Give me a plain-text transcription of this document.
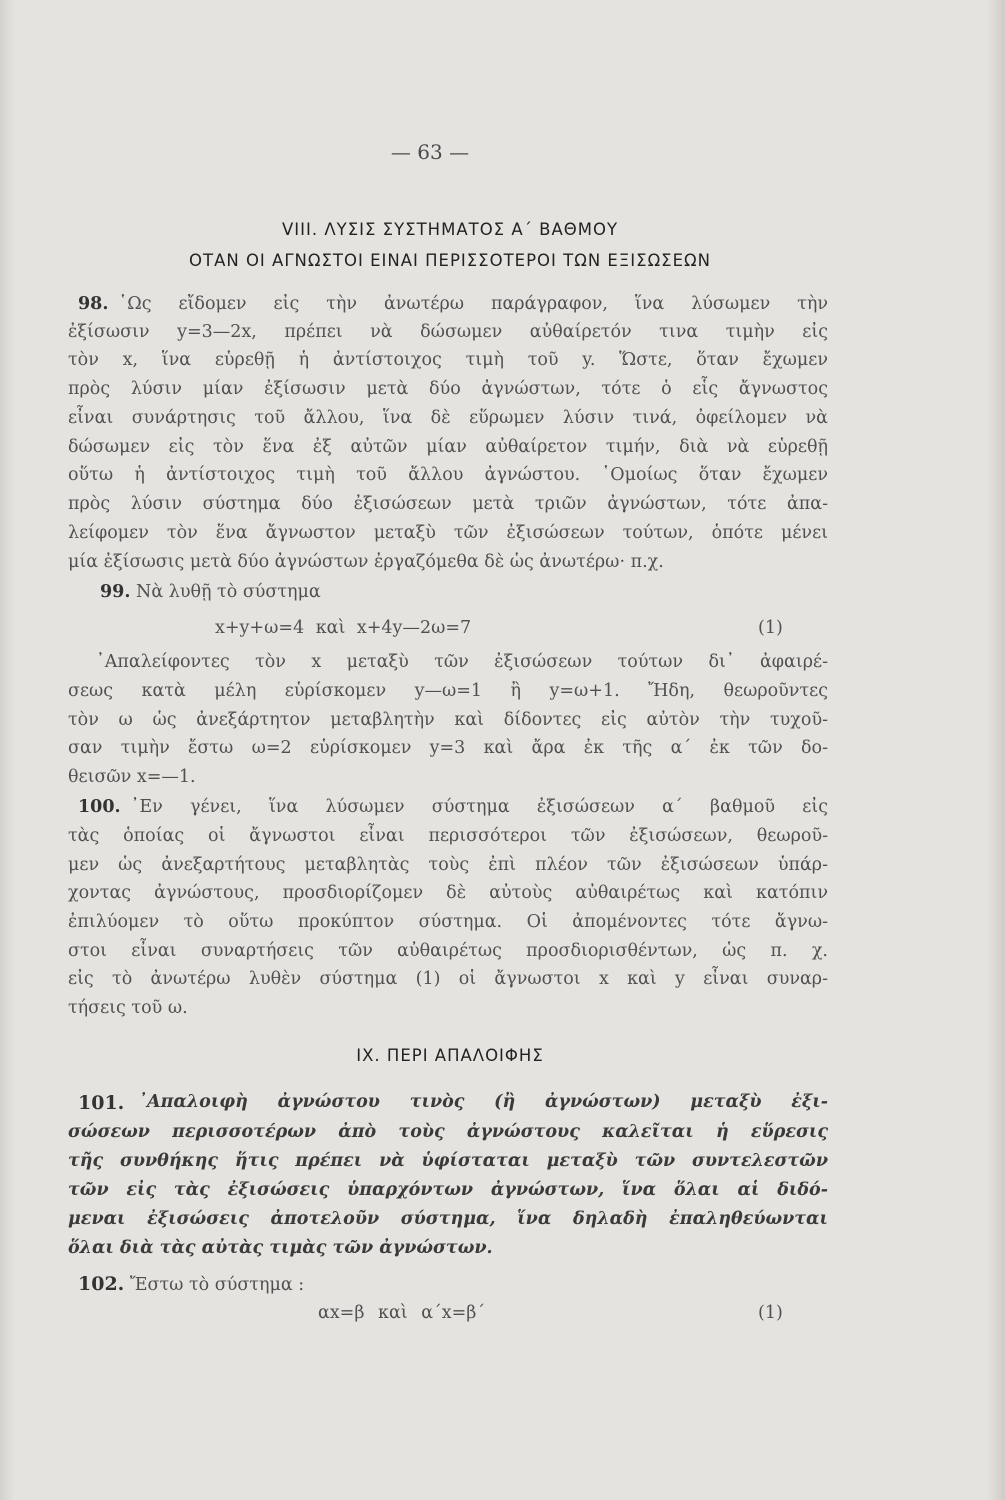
— 63 —
VIII. ΛΥΣΙΣ ΣΥΣΤΗΜΑΤΟΣ Α΄ ΒΑΘΜΟΥ
ΟΤΑΝ ΟΙ ΑΓΝΩΣΤΟΙ ΕΙΝΑΙ ΠΕΡΙΣΣΟΤΕΡΟΙ ΤΩΝ ΕΞΙΣΩΣΕΩΝ
98. ῾Ως εἴδομεν εἰς τὴν ἀνωτέρω παράγραφον, ἵνα λύσωμεν τὴν
ἐξίσωσιν y=3—2x, πρέπει νὰ δώσωμεν αὐθαίρετόν τινα τιμὴν εἰς
τὸν x, ἵνα εὑρεθῇ ἡ ἀντίστοιχος τιμὴ τοῦ y. Ὥστε, ὅταν ἔχωμεν
πρὸς λύσιν μίαν ἐξίσωσιν μετὰ δύο ἀγνώστων, τότε ὁ εἷς ἄγνωστος
εἶναι συνάρτησις τοῦ ἄλλου, ἵνα δὲ εὕρωμεν λύσιν τινά, ὀφείλομεν νὰ
δώσωμεν εἰς τὸν ἕνα ἐξ αὐτῶν μίαν αὐθαίρετον τιμήν, διὰ νὰ εὑρεθῇ
οὕτω ἡ ἀντίστοιχος τιμὴ τοῦ ἄλλου ἀγνώστου. ῾Ομοίως ὅταν ἔχωμεν
πρὸς λύσιν σύστημα δύο ἐξισώσεων μετὰ τριῶν ἀγνώστων, τότε ἀπα-
λείφομεν τὸν ἕνα ἄγνωστον μεταξὺ τῶν ἐξισώσεων τούτων, ὁπότε μένει
μία ἐξίσωσις μετὰ δύο ἀγνώστων ἐργαζόμεθα δὲ ὡς ἀνωτέρω· π.χ.
99. Νὰ λυθῇ τὸ σύστημα
x+y+ω=4 καὶ x+4y—2ω=7	(1)
᾿Απαλείφοντες τὸν x μεταξὺ τῶν ἐξισώσεων τούτων δι᾿ ἀφαιρέ-
σεως κατὰ μέλη εὑρίσκομεν y—ω=1 ἢ y=ω+1. Ἤδη, θεωροῦντες
τὸν ω ὡς ἀνεξάρτητον μεταβλητὴν καὶ δίδοντες εἰς αὐτὸν τὴν τυχοῦ-
σαν τιμὴν ἔστω ω=2 εὑρίσκομεν y=3 καὶ ἄρα ἐκ τῆς α΄ ἐκ τῶν δο-
θεισῶν x=—1.
100. ᾿Εν γένει, ἵνα λύσωμεν σύστημα ἐξισώσεων α΄ βαθμοῦ εἰς
τὰς ὁποίας οἱ ἄγνωστοι εἶναι περισσότεροι τῶν ἐξισώσεων, θεωροῦ-
μεν ὡς ἀνεξαρτήτους μεταβλητὰς τοὺς ἐπὶ πλέον τῶν ἐξισώσεων ὑπάρ-
χοντας ἀγνώστους, προσδιορίζομεν δὲ αὐτοὺς αὐθαιρέτως καὶ κατόπιν
ἐπιλύομεν τὸ οὕτω προκύπτον σύστημα. Οἱ ἀπομένοντες τότε ἄγνω-
στοι εἶναι συναρτήσεις τῶν αὐθαιρέτως προσδιορισθέντων, ὡς π. χ.
εἰς τὸ ἀνωτέρω λυθὲν σύστημα (1) οἱ ἄγνωστοι x καὶ y εἶναι συναρ-
τήσεις τοῦ ω.
IX. ΠΕΡΙ ΑΠΑΛΟΙΦΗΣ
101. ᾿Απαλοιφὴ ἀγνώστου τινὸς (ἢ ἀγνώστων) μεταξὺ ἐξι-
σώσεων περισσοτέρων ἀπὸ τοὺς ἀγνώστους καλεῖται ἡ εὕρεσις
τῆς συνθήκης ἥτις πρέπει νὰ ὑφίσταται μεταξὺ τῶν συντελεστῶν
τῶν εἰς τὰς ἐξισώσεις ὑπαρχόντων ἀγνώστων, ἵνα ὅλαι αἱ διδό-
μεναι ἐξισώσεις ἀποτελοῦν σύστημα, ἵνα δηλαδὴ ἐπαληθεύωνται
ὅλαι διὰ τὰς αὐτὰς τιμὰς τῶν ἀγνώστων.
102. Ἔστω τὸ σύστημα :
αx=β καὶ α΄x=β΄	(1)
